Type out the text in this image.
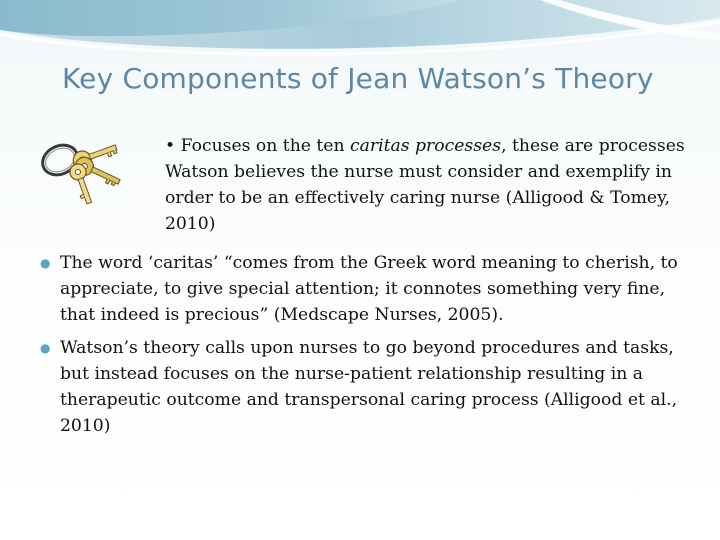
Key Components of Jean Watson’s Theory
• Focuses on the ten caritas processes, these are processes Watson believes the nurse must consider and exemplify in order to be an effectively caring nurse (Alligood & Tomey, 2010)
● The word ‘caritas’ “comes from the Greek word meaning to cherish, to appreciate, to give special attention; it connotes something very fine, that indeed is precious” (Medscape Nurses, 2005).
● Watson’s theory calls upon nurses to go beyond procedures and tasks, but instead focuses on the nurse-patient relationship resulting in a therapeutic outcome and transpersonal caring process (Alligood et al., 2010)
